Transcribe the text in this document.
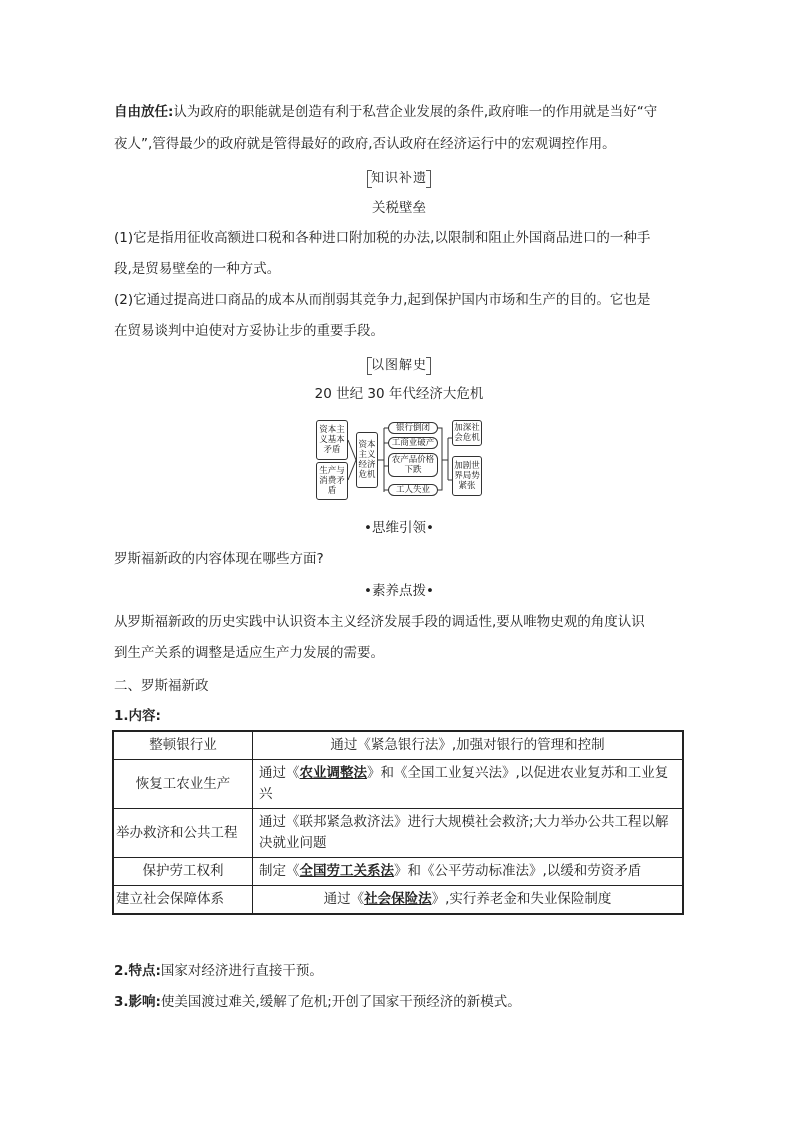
自由放任:认为政府的职能就是创造有利于私营企业发展的条件,政府唯一的作用就是当好“守
夜人”,管得最少的政府就是管得最好的政府,否认政府在经济运行中的宏观调控作用。
知识补遗
关税壁垒
(1)它是指用征收高额进口税和各种进口附加税的办法,以限制和阻止外国商品进口的一种手
段,是贸易壁垒的一种方式。
(2)它通过提高进口商品的成本从而削弱其竞争力,起到保护国内市场和生产的目的。它也是
在贸易谈判中迫使对方妥协让步的重要手段。
以图解史
20 世纪 30 年代经济大危机
资本主义基本矛盾
生产与消费矛盾
资本主义经济危机
银行倒闭
工商业破产
农产品价格下跌
工人失业
加深社会危机
加剧世界局势紧张
•思维引领•
罗斯福新政的内容体现在哪些方面?
•素养点拨•
从罗斯福新政的历史实践中认识资本主义经济发展手段的调适性,要从唯物史观的角度认识
到生产关系的调整是适应生产力发展的需要。
二、罗斯福新政
1.内容:
整顿银行业	通过《紧急银行法》,加强对银行的管理和控制
恢复工农业生产	通过《农业调整法》和《全国工业复兴法》,以促进农业复苏和工业复兴
举办救济和公共工程	通过《联邦紧急救济法》进行大规模社会救济;大力举办公共工程以解决就业问题
保护劳工权利	制定《全国劳工关系法》和《公平劳动标准法》,以缓和劳资矛盾
建立社会保障体系	通过《社会保险法》,实行养老金和失业保险制度
2.特点:国家对经济进行直接干预。
3.影响:使美国渡过难关,缓解了危机;开创了国家干预经济的新模式。
